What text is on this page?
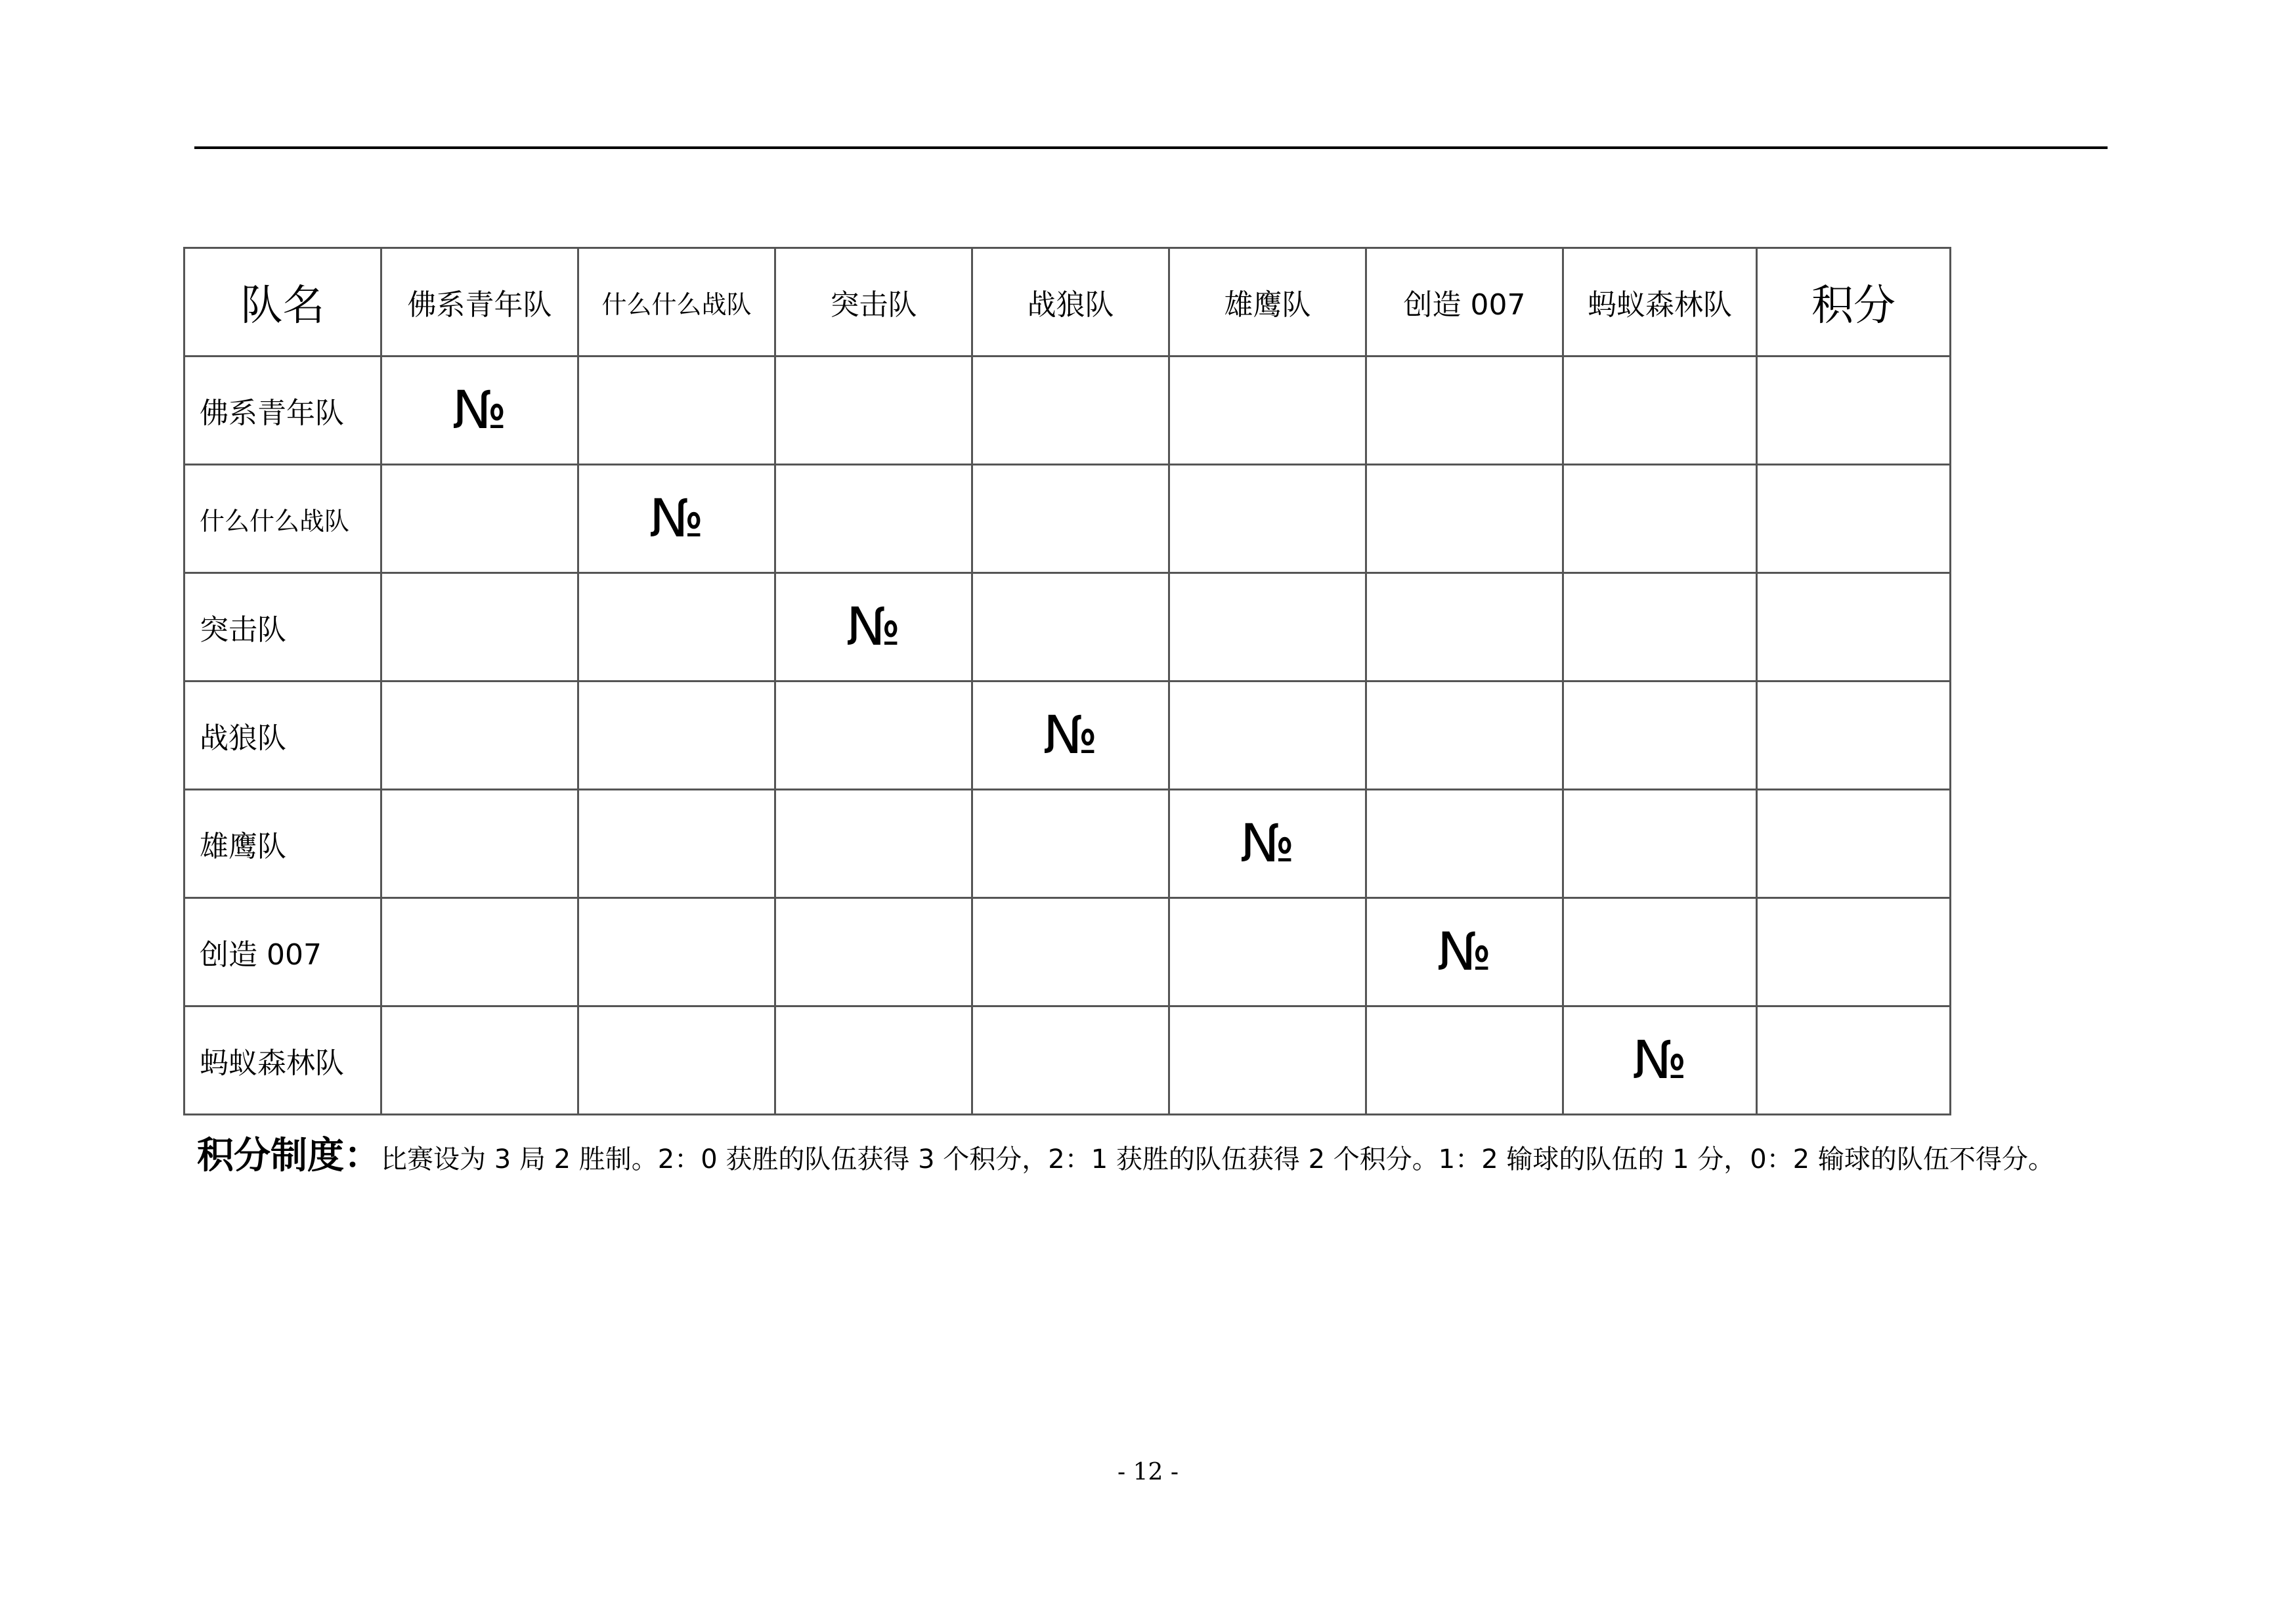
队名	佛系青年队	什么什么战队	突击队	战狼队	雄鹰队	创造 007	蚂蚁森林队	积分
佛系青年队	№							
什么什么战队		№						
突击队			№					
战狼队				№				
雄鹰队					№			
创造 007						№		
蚂蚁森林队							№	
积分制度：比赛设为 3 局 2 胜制。2：0 获胜的队伍获得 3 个积分，2：1 获胜的队伍获得 2 个积分。1：2 输球的队伍的 1 分，0：2 输球的队伍不得分。
- 12 -
